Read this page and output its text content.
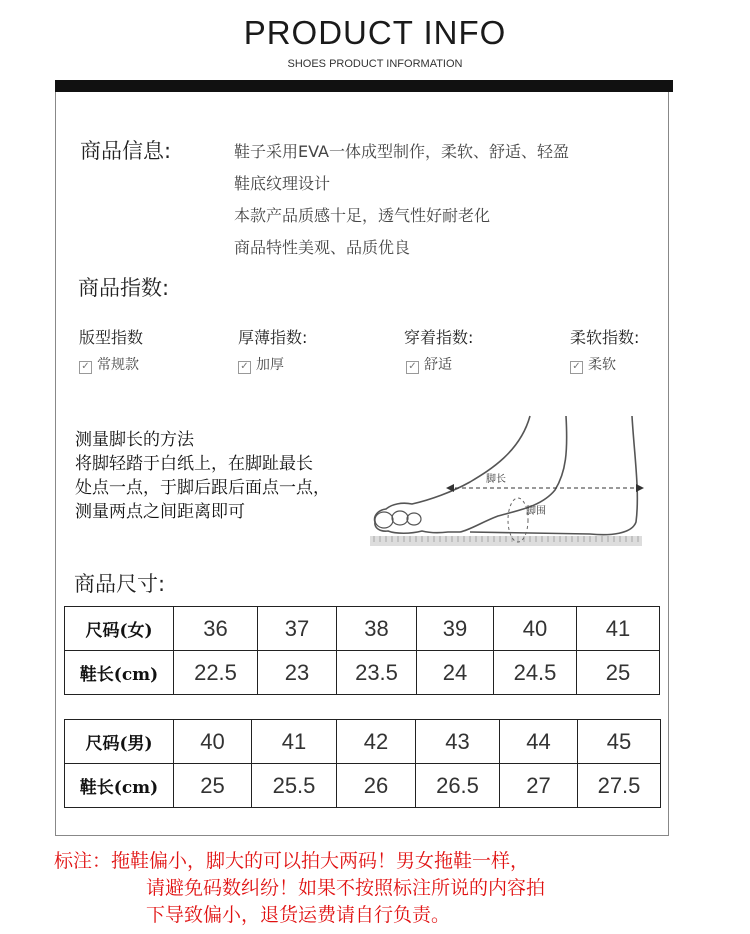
PRODUCT INFO
SHOES PRODUCT INFORMATION
商品信息:	鞋子采用EVA一体成型制作，柔软、舒适、轻盈
鞋底纹理设计
本款产品质感十足，透气性好耐老化
商品特性美观、品质优良
商品指数:
版型指数
✓ 常规款
厚薄指数:
✓ 加厚
穿着指数:
✓ 舒适
柔软指数:
✓ 柔软
测量脚长的方法
将脚轻踏于白纸上，在脚趾最长
处点一点，于脚后跟后面点一点，
测量两点之间距离即可
脚长
脚围
商品尺寸:
尺码(女)	36	37	38	39	40	41
鞋长(cm)	22.5	23	23.5	24	24.5	25
尺码(男)	40	41	42	43	44	45
鞋长(cm)	25	25.5	26	26.5	27	27.5
标注：拖鞋偏小，脚大的可以拍大两码！男女拖鞋一样，
请避免码数纠纷！如果不按照标注所说的内容拍
下导致偏小，退货运费请自行负责。
